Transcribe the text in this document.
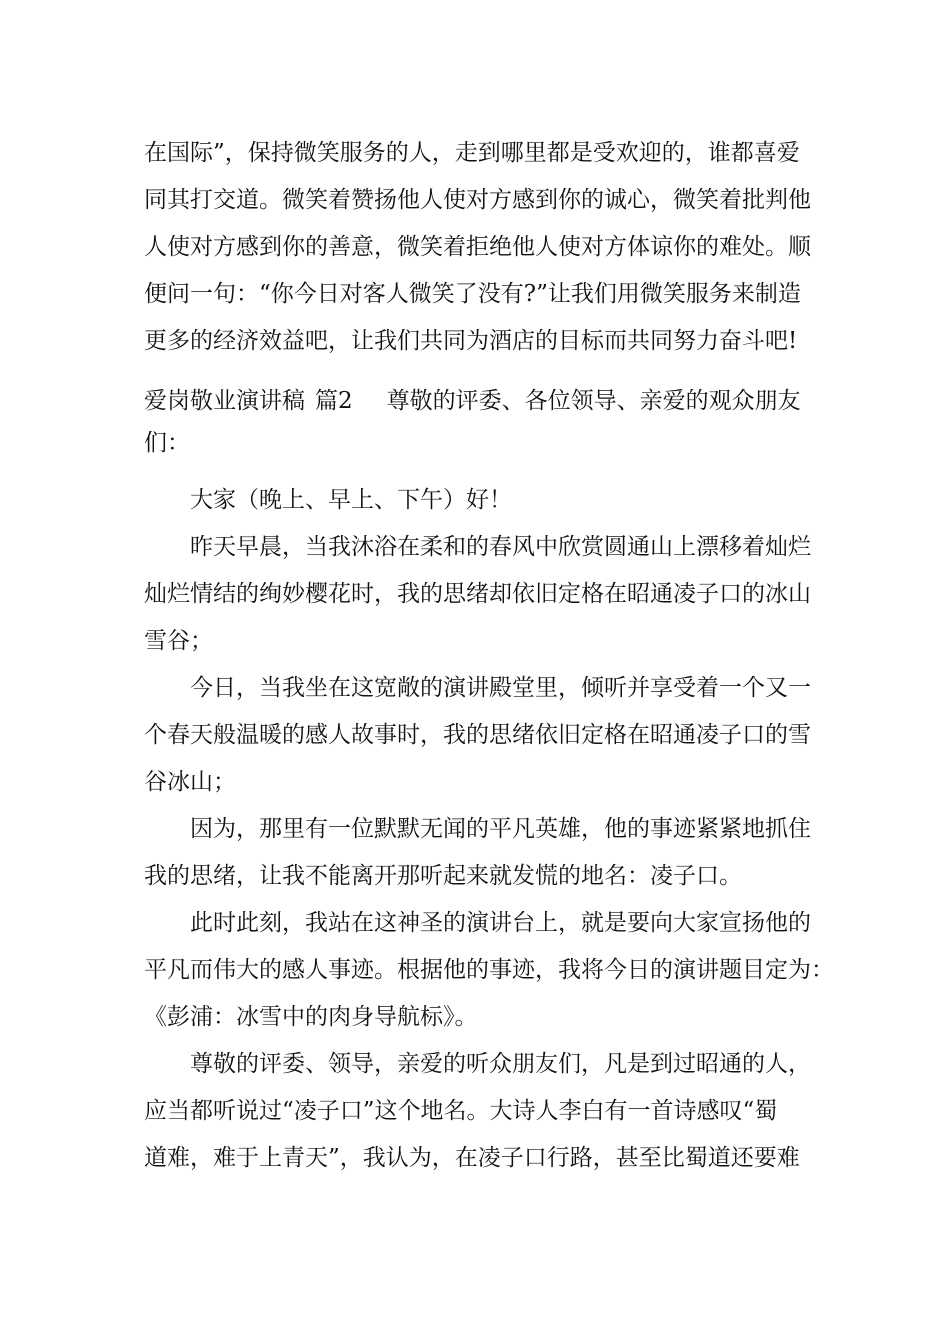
在国际”，保持微笑服务的人，走到哪里都是受欢迎的，谁都喜爱
同其打交道。微笑着赞扬他人使对方感到你的诚心，微笑着批判他
人使对方感到你的善意，微笑着拒绝他人使对方体谅你的难处。顺
便问一句：“你今日对客人微笑了没有?”让我们用微笑服务来制造
更多的经济效益吧，让我们共同为酒店的目标而共同努力奋斗吧!
爱岗敬业演讲稿 篇2 尊敬的评委、各位领导、亲爱的观众朋友
们：
大家（晚上、早上、下午）好！
昨天早晨，当我沐浴在柔和的春风中欣赏圆通山上漂移着灿烂
灿烂情结的绚妙樱花时，我的思绪却依旧定格在昭通凌子口的冰山
雪谷；
今日，当我坐在这宽敞的演讲殿堂里，倾听并享受着一个又一
个春天般温暖的感人故事时，我的思绪依旧定格在昭通凌子口的雪
谷冰山；
因为，那里有一位默默无闻的平凡英雄，他的事迹紧紧地抓住
我的思绪，让我不能离开那听起来就发慌的地名：凌子口。
此时此刻，我站在这神圣的演讲台上，就是要向大家宣扬他的
平凡而伟大的感人事迹。根据他的事迹，我将今日的演讲题目定为：
《彭浦：冰雪中的肉身导航标》。
尊敬的评委、领导，亲爱的听众朋友们，凡是到过昭通的人，
应当都听说过“凌子口”这个地名。大诗人李白有一首诗感叹“蜀
道难，难于上青天”，我认为，在凌子口行路，甚至比蜀道还要难
